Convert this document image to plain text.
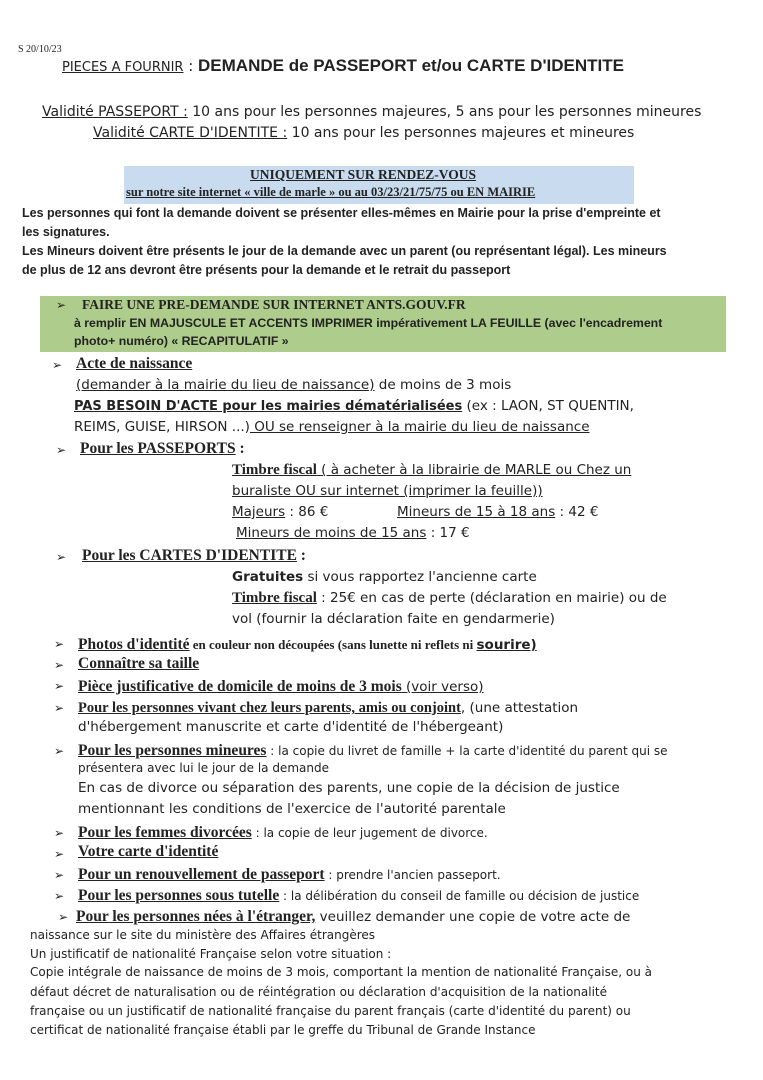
S 20/10/23
PIECES A FOURNIR : DEMANDE de PASSEPORT et/ou CARTE D'IDENTITE
Validité PASSEPORT : 10 ans pour les personnes majeures, 5 ans pour les personnes mineures
Validité CARTE D'IDENTITE : 10 ans pour les personnes majeures et mineures
UNIQUEMENT SUR RENDEZ-VOUS
sur notre site internet « ville de marle » ou au 03/23/21/75/75 ou EN MAIRIE
Les personnes qui font la demande doivent se présenter elles-mêmes en Mairie pour la prise d'empreinte et
les signatures.
Les Mineurs doivent être présents le jour de la demande avec un parent (ou représentant légal). Les mineurs
de plus de 12 ans devront être présents pour la demande et le retrait du passeport
➢ FAIRE UNE PRE-DEMANDE SUR INTERNET ANTS.GOUV.FR
à remplir EN MAJUSCULE ET ACCENTS IMPRIMER impérativement LA FEUILLE (avec l'encadrement
photo+ numéro) « RECAPITULATIF »
➢ Acte de naissance
(demander à la mairie du lieu de naissance) de moins de 3 mois
PAS BESOIN D'ACTE pour les mairies dématérialisées (ex : LAON, ST QUENTIN,
REIMS, GUISE, HIRSON ...) OU se renseigner à la mairie du lieu de naissance
➢ Pour les PASSEPORTS :
Timbre fiscal ( à acheter à la librairie de MARLE ou Chez un
buraliste OU sur internet (imprimer la feuille))
Majeurs : 86 €	Mineurs de 15 à 18 ans : 42 €
Mineurs de moins de 15 ans : 17 €
➢ Pour les CARTES D'IDENTITE :
Gratuites si vous rapportez l'ancienne carte
Timbre fiscal : 25€ en cas de perte (déclaration en mairie) ou de
vol (fournir la déclaration faite en gendarmerie)
➢ Photos d'identité en couleur non découpées (sans lunette ni reflets ni sourire)
➢ Connaître sa taille
➢ Pièce justificative de domicile de moins de 3 mois (voir verso)
➢ Pour les personnes vivant chez leurs parents, amis ou conjoint, (une attestation
d'hébergement manuscrite et carte d'identité de l'hébergeant)
➢ Pour les personnes mineures : la copie du livret de famille + la carte d'identité du parent qui se
présentera avec lui le jour de la demande
En cas de divorce ou séparation des parents, une copie de la décision de justice
mentionnant les conditions de l'exercice de l'autorité parentale
➢ Pour les femmes divorcées : la copie de leur jugement de divorce.
➢ Votre carte d'identité
➢ Pour un renouvellement de passeport : prendre l'ancien passeport.
➢ Pour les personnes sous tutelle : la délibération du conseil de famille ou décision de justice
➢ Pour les personnes nées à l'étranger, veuillez demander une copie de votre acte de
naissance sur le site du ministère des Affaires étrangères
Un justificatif de nationalité Française selon votre situation :
Copie intégrale de naissance de moins de 3 mois, comportant la mention de nationalité Française, ou à
défaut décret de naturalisation ou de réintégration ou déclaration d'acquisition de la nationalité
française ou un justificatif de nationalité française du parent français (carte d'identité du parent) ou
certificat de nationalité française établi par le greffe du Tribunal de Grande Instance
